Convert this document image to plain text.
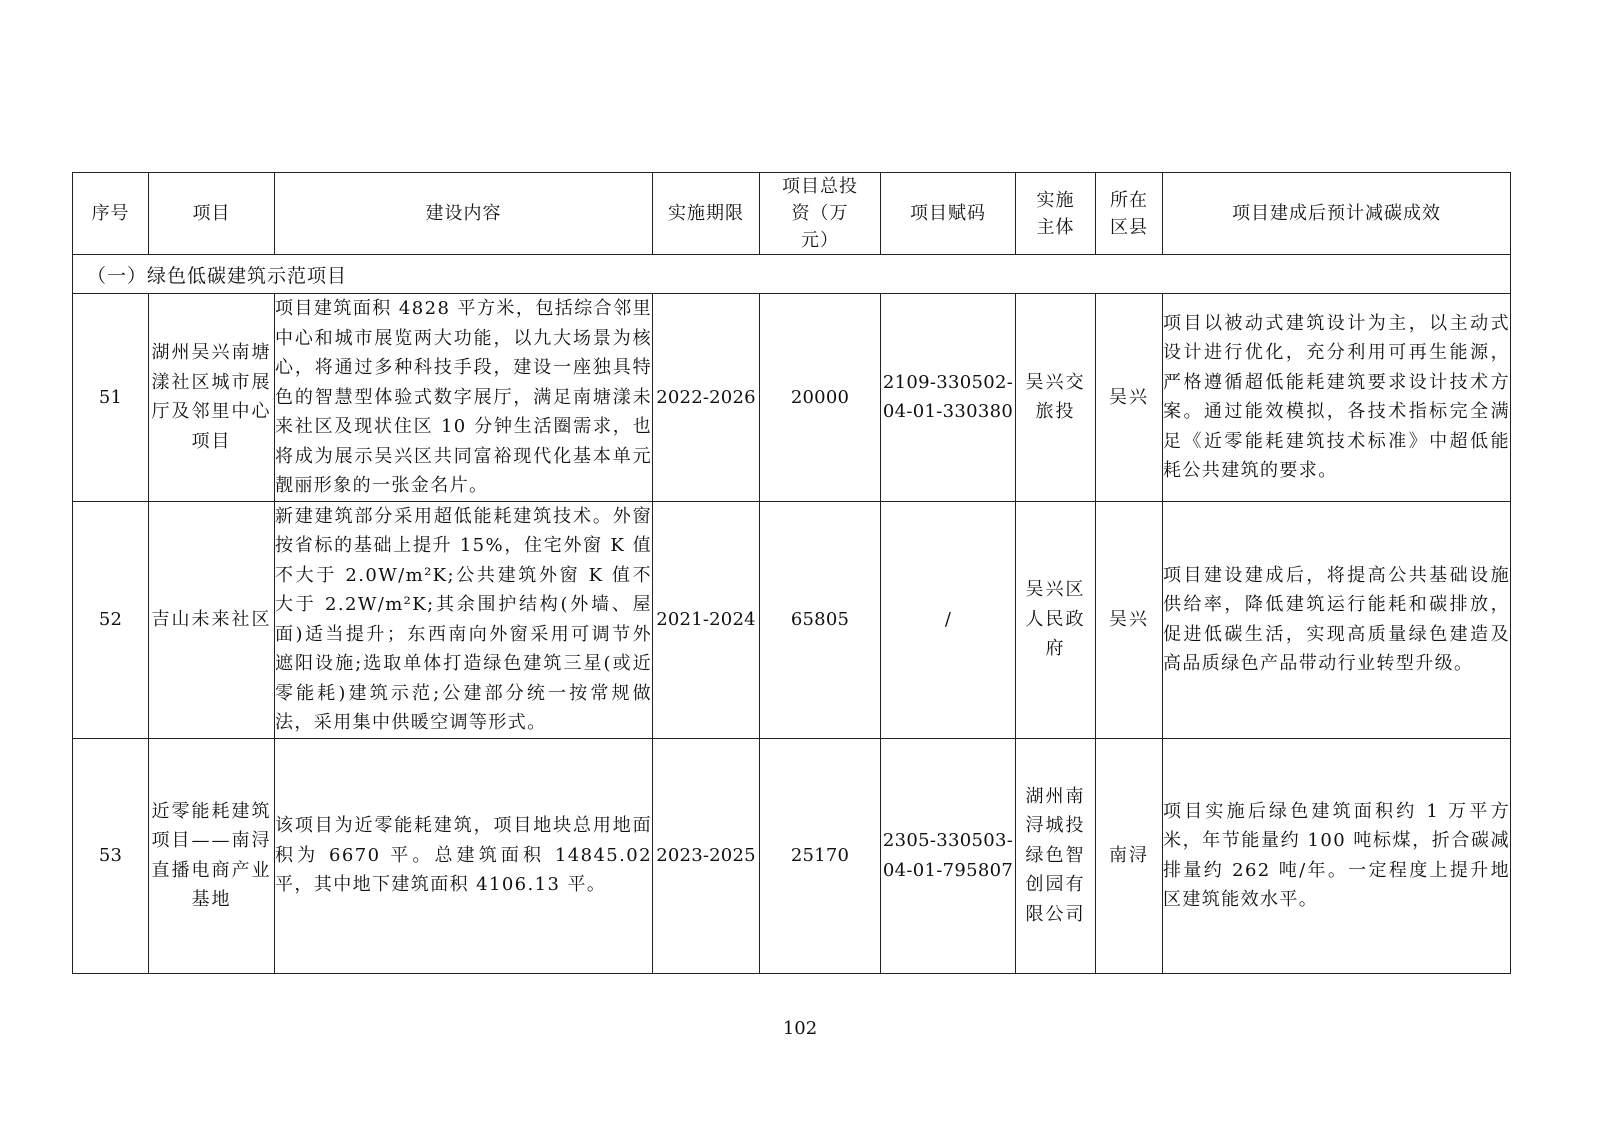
序号	项目	建设内容	实施期限	项目总投资（万元）	项目赋码	实施主体	所在区县	项目建成后预计减碳成效
（一）绿色低碳建筑示范项目								
51	湖州吴兴南塘漾社区城市展厅及邻里中心项目	项目建筑面积 4828 平方米，包括综合邻里中心和城市展览两大功能，以九大场景为核心，将通过多种科技手段，建设一座独具特色的智慧型体验式数字展厅，满足南塘漾未来社区及现状住区 10 分钟生活圈需求，也将成为展示吴兴区共同富裕现代化基本单元靓丽形象的一张金名片。	2022-2026	20000	2109-330502-04-01-330380	吴兴交旅投	吴兴	项目以被动式建筑设计为主，以主动式设计进行优化，充分利用可再生能源，严格遵循超低能耗建筑要求设计技术方案。通过能效模拟，各技术指标完全满足《近零能耗建筑技术标准》中超低能耗公共建筑的要求。
52	吉山未来社区	新建建筑部分采用超低能耗建筑技术。外窗按省标的基础上提升 15%，住宅外窗 K 值不大于 2.0W/m²K;公共建筑外窗 K 值不大于 2.2W/m²K;其余围护结构(外墙、屋面)适当提升；东西南向外窗采用可调节外遮阳设施;选取单体打造绿色建筑三星(或近零能耗)建筑示范;公建部分统一按常规做法，采用集中供暖空调等形式。	2021-2024	65805	/	吴兴区人民政府	吴兴	项目建设建成后，将提高公共基础设施供给率，降低建筑运行能耗和碳排放，促进低碳生活，实现高质量绿色建造及高品质绿色产品带动行业转型升级。
53	近零能耗建筑项目——南浔直播电商产业基地	该项目为近零能耗建筑，项目地块总用地面积为 6670 平。总建筑面积 14845.02 平，其中地下建筑面积 4106.13 平。	2023-2025	25170	2305-330503-04-01-795807	湖州南浔城投绿色智创园有限公司	南浔	项目实施后绿色建筑面积约 1 万平方米，年节能量约 100 吨标煤，折合碳减排量约 262 吨/年。一定程度上提升地区建筑能效水平。
102
